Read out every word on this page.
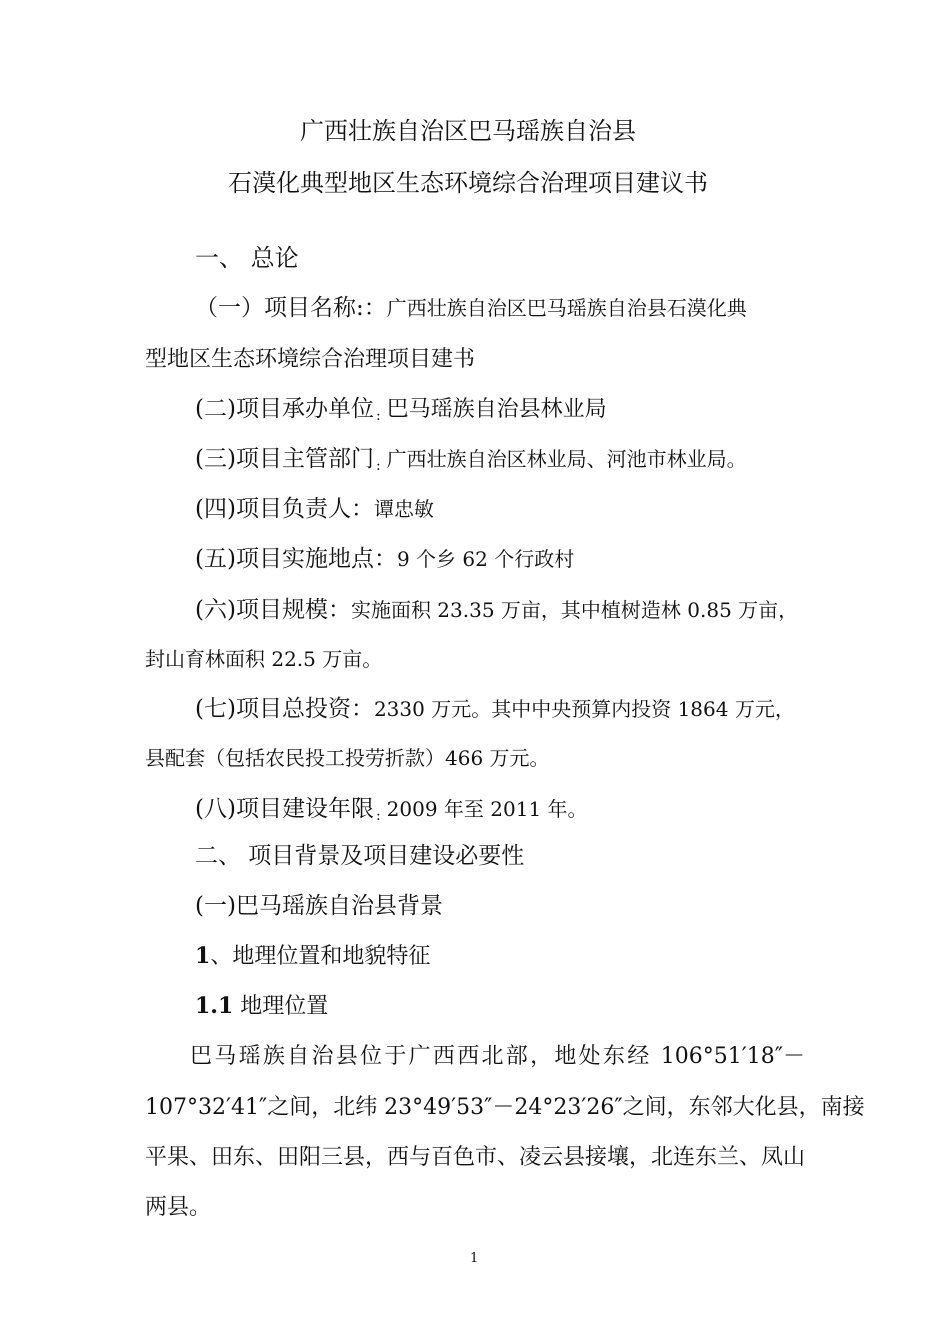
广西壮族自治区巴马瑶族自治县
石漠化典型地区生态环境综合治理项目建议书
一、 总论
（一）项目名称:：广西壮族自治区巴马瑶族自治县石漠化典
型地区生态环境综合治理项目建书
(二)项目承办单位 : 巴马瑶族自治县林业局
(三)项目主管部门 : 广西壮族自治区林业局、河池市林业局。
(四)项目负责人：谭忠敏
(五)项目实施地点：9 个乡 62 个行政村
(六)项目规模：实施面积 23.35 万亩，其中植树造林 0.85 万亩，
封山育林面积 22.5 万亩。
(七)项目总投资：2330 万元。其中中央预算内投资 1864 万元，
县配套（包括农民投工投劳折款）466 万元。
(八)项目建设年限 : 2009 年至 2011 年。
二、 项目背景及项目建设必要性
(一)巴马瑶族自治县背景
1、地理位置和地貌特征
1.1 地理位置
巴马瑶族自治县位于广西西北部，地处东经 106°51′18″－
107°32′41″之间，北纬 23°49′53″－24°23′26″之间，东邻大化县，南接
平果、田东、田阳三县，西与百色市、凌云县接壤，北连东兰、凤山
两县。
1
